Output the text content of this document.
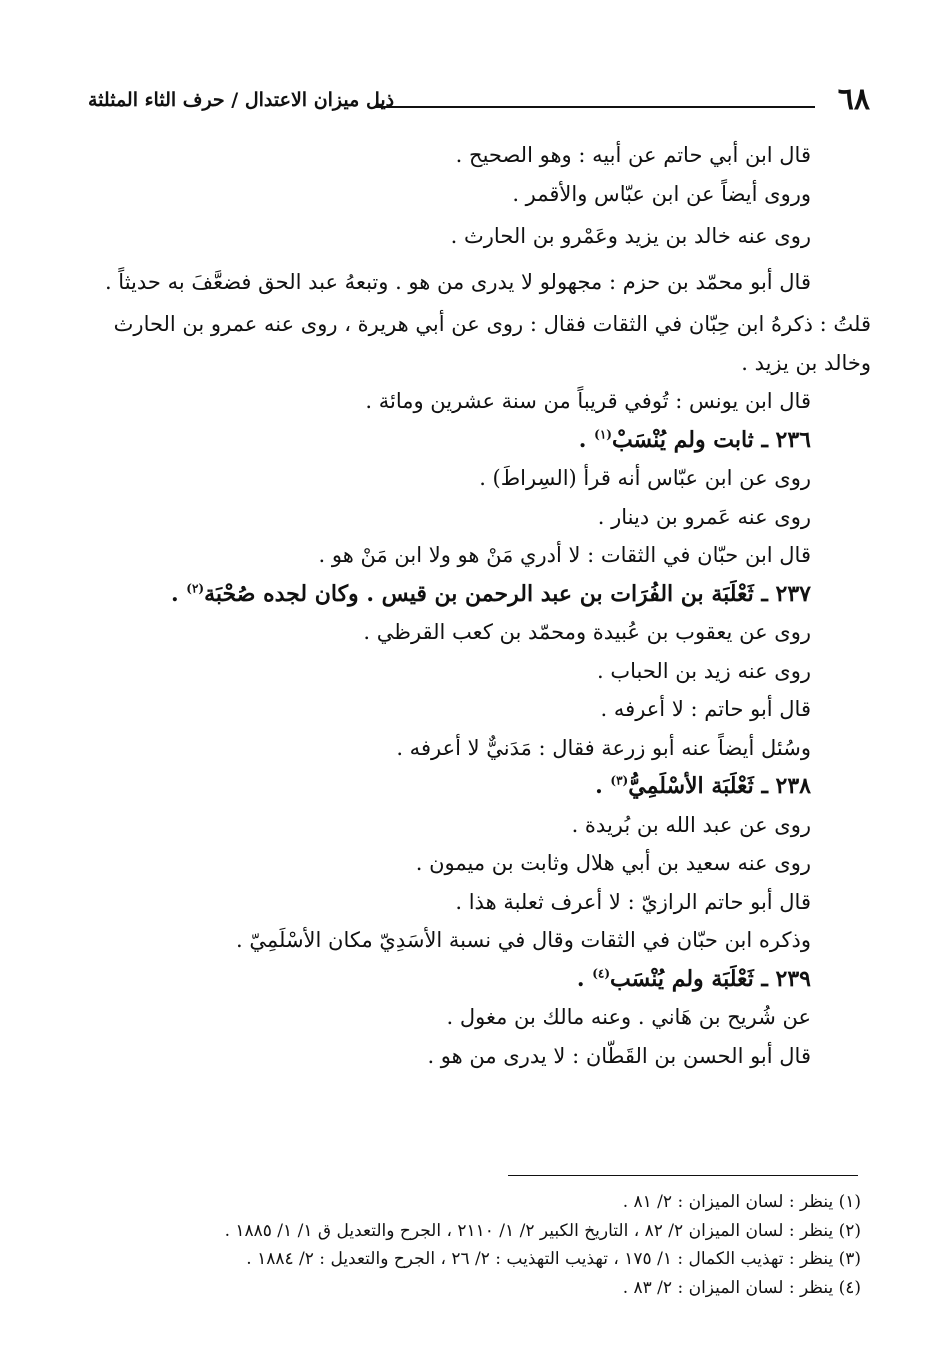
٦٨
ذيل ميزان الاعتدال / حرف الثاء المثلثة
قال ابن أبي حاتم عن أبيه : وهو الصحيح .
وروى أيضاً عن ابن عبّاس والأقمر .
روى عنه خالد بن يزيد وعَمْرو بن الحارث .
قال أبو محمّد بن حزم : مجهولو لا يدرى من هو . وتبعهُ عبد الحق فضعَّفَ به حديثاً .
قلتُ : ذكرهُ ابن حِبّان في الثقات فقال : روى عن أبي هريرة ، روى عنه عمرو بن الحارث
وخالد بن يزيد .
قال ابن يونس : تُوفي قريباً من سنة عشرين ومائة .
٢٣٦ ـ ثابت ولم يُنْسَبْ$^{(١)}$ .
روى عن ابن عبّاس أنه قرأ (السِراطَ) .
روى عنه عَمرو بن دينار .
قال ابن حبّان في الثقات : لا أدري مَنْ هو ولا ابن مَنْ هو .
٢٣٧ ـ ثَعْلَبَة بن الفُرَات بن عبد الرحمن بن قيس . وكان لجده صُحْبَة$^{(٢)}$ .
روى عن يعقوب بن عُبيدة ومحمّد بن كعب القرظي .
روى عنه زيد بن الحباب .
قال أبو حاتم : لا أعرفه .
وسُئل أيضاً عنه أبو زرعة فقال : مَدَنيٌّ لا أعرفه .
٢٣٨ ـ ثَعْلَبَة الأسْلَمِيُّ$^{(٣)}$ .
روى عن عبد الله بن بُريدة .
روى عنه سعيد بن أبي هلال وثابت بن ميمون .
قال أبو حاتم الرازيّ : لا أعرف ثعلبة هذا .
وذكره ابن حبّان في الثقات وقال في نسبة الأسَدِيّ مكان الأسْلَمِيّ .
٢٣٩ ـ ثَعْلَبَة ولم يُنْسَب$^{(٤)}$ .
عن شُريح بن هَاني . وعنه مالك بن مغول .
قال أبو الحسن بن القَطّان : لا يدرى من هو .
(١) ينظر : لسان الميزان : ٢/ ٨١ .
(٢) ينظر : لسان الميزان ٢/ ٨٢ ، التاريخ الكبير ٢/ ١/ ٢١١٠ ، الجرح والتعديل ق ١/ ١/ ١٨٨٥ .
(٣) ينظر : تهذيب الكمال : ١/ ١٧٥ ، تهذيب التهذيب : ٢/ ٢٦ ، الجرح والتعديل : ٢/ ١٨٨٤ .
(٤) ينظر : لسان الميزان : ٢/ ٨٣ .
